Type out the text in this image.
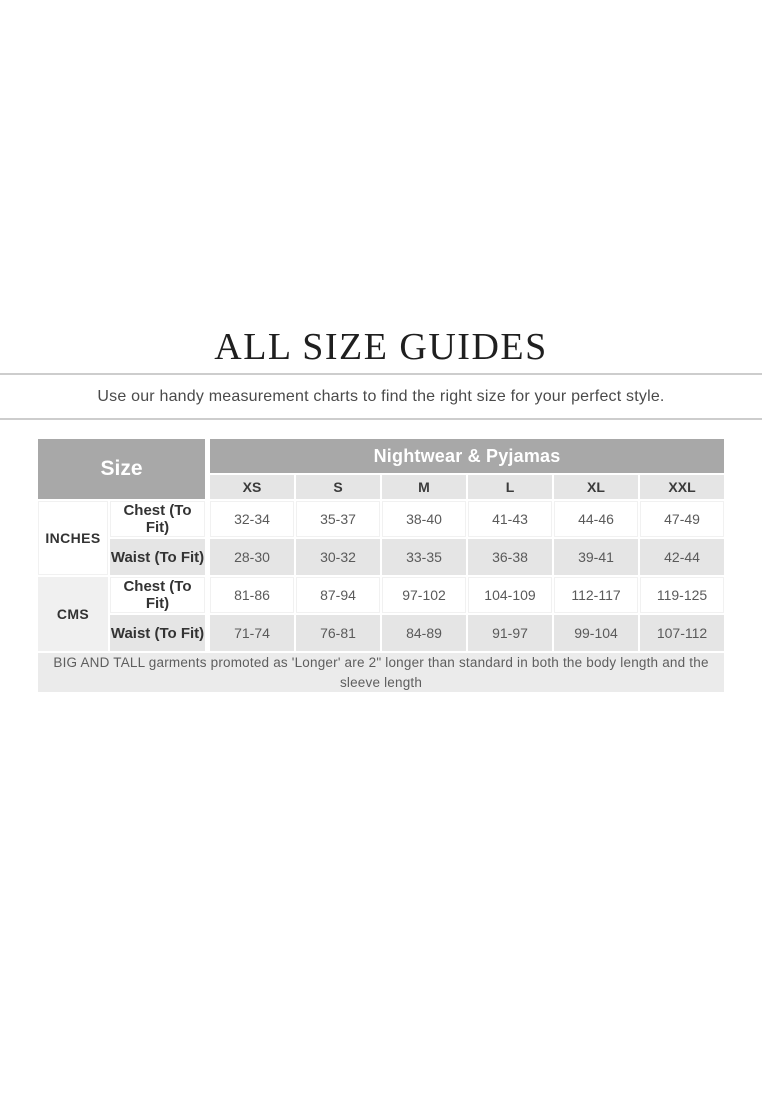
ALL SIZE GUIDES

Use our handy measurement charts to find the right size for your perfect style.

Size			Nightwear & Pyjamas					
			XS	S	M	L	XL	XXL
INCHES	Chest (To Fit)		32-34	35-37	38-40	41-43	44-46	47-49
	Waist (To Fit)		28-30	30-32	33-35	36-38	39-41	42-44
CMS	Chest (To Fit)		81-86	87-94	97-102	104-109	112-117	119-125
	Waist (To Fit)		71-74	76-81	84-89	91-97	99-104	107-112
BIG AND TALL garments promoted as 'Longer' are 2" longer than standard in both the body length and the sleeve length								
